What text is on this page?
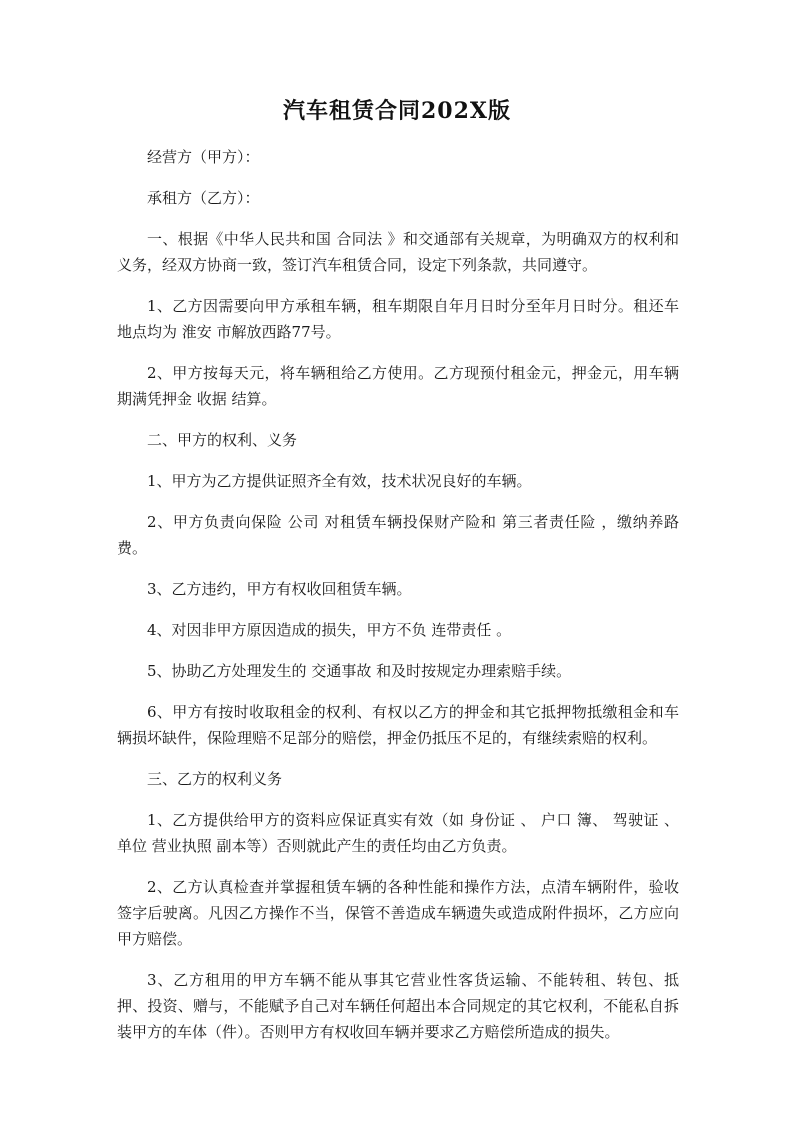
汽车租赁合同202X版

经营方（甲方）：

承租方（乙方）：

一、根据《中华人民共和国 合同法 》和交通部有关规章，为明确双方的权利和义务，经双方协商一致，签订汽车租赁合同，设定下列条款，共同遵守。

1、乙方因需要向甲方承租车辆，租车期限自年月日时分至年月日时分。租还车地点均为 淮安 市解放西路77号。

2、甲方按每天元，将车辆租给乙方使用。乙方现预付租金元，押金元，用车辆期满凭押金 收据 结算。

二、甲方的权利、义务

1、甲方为乙方提供证照齐全有效，技术状况良好的车辆。

2、甲方负责向保险 公司 对租赁车辆投保财产险和 第三者责任险 ，缴纳养路费。

3、乙方违约，甲方有权收回租赁车辆。

4、对因非甲方原因造成的损失，甲方不负 连带责任 。

5、协助乙方处理发生的 交通事故 和及时按规定办理索赔手续。

6、甲方有按时收取租金的权利、有权以乙方的押金和其它抵押物抵缴租金和车辆损坏缺件，保险理赔不足部分的赔偿，押金仍抵压不足的，有继续索赔的权利。

三、乙方的权利义务

1、乙方提供给甲方的资料应保证真实有效（如 身份证 、 户口 簿、 驾驶证 、单位 营业执照 副本等）否则就此产生的责任均由乙方负责。

2、乙方认真检查并掌握租赁车辆的各种性能和操作方法，点清车辆附件，验收签字后驶离。凡因乙方操作不当，保管不善造成车辆遗失或造成附件损坏，乙方应向甲方赔偿。

3、乙方租用的甲方车辆不能从事其它营业性客货运输、不能转租、转包、抵押、投资、赠与，不能赋予自己对车辆任何超出本合同规定的其它权利，不能私自拆装甲方的车体（件）。否则甲方有权收回车辆并要求乙方赔偿所造成的损失。
